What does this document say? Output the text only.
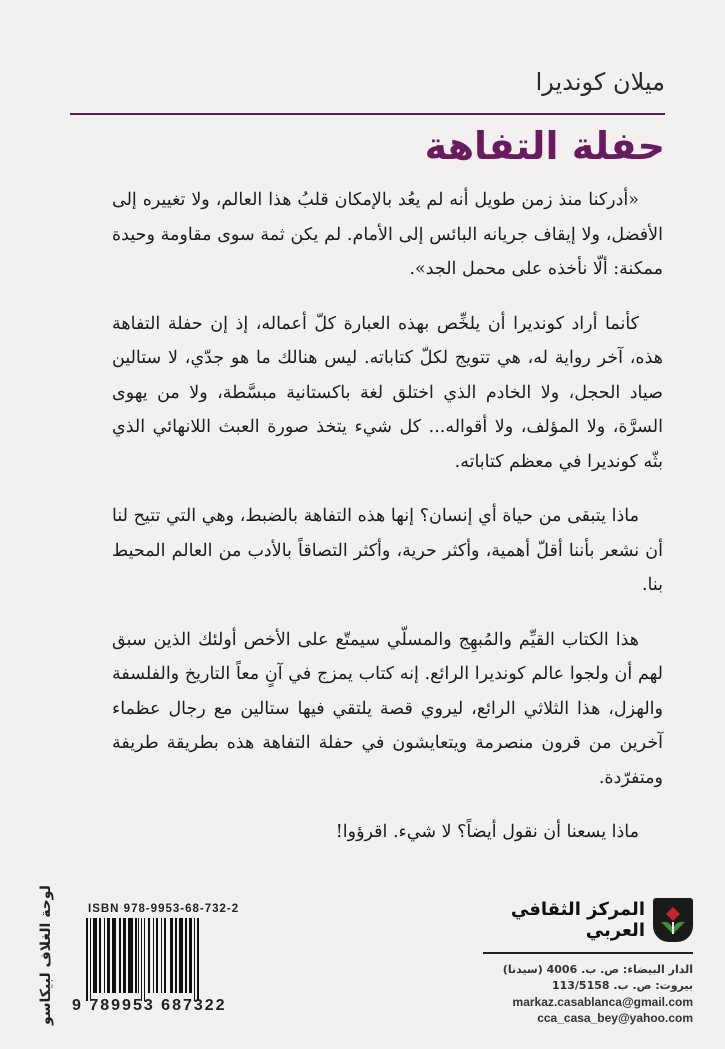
ميلان كونديرا
حفلة التفاهة

«أدركنا منذ زمن طويل أنه لم يعُد بالإمكان قلبُ هذا العالم، ولا تغييره إلى الأفضل، ولا إيقاف جريانه البائس إلى الأمام. لم يكن ثمة سوى مقاومة وحيدة ممكنة: ألّا نأخذه على محمل الجد».

كأنما أراد كونديرا أن يلخِّص بهذه العبارة كلّ أعماله، إذ إن حفلة التفاهة هذه، آخر رواية له، هي تتويج لكلّ كتاباته. ليس هنالك ما هو جدّي، لا ستالين صياد الحجل، ولا الخادم الذي اختلق لغة باكستانية مبسَّطة، ولا من يهوى السرَّة، ولا المؤلف، ولا أقواله... كل شيء يتخذ صورة العبث اللانهائي الذي بثّه كونديرا في معظم كتاباته.

ماذا يتبقى من حياة أي إنسان؟ إنها هذه التفاهة بالضبط، وهي التي تتيح لنا أن نشعر بأننا أقلّ أهمية، وأكثر حرية، وأكثر التصاقاً بالأدب من العالم المحيط بنا.

هذا الكتاب القيِّم والمُبهِج والمسلّي سيمتّع على الأخص أولئك الذين سبق لهم أن ولجوا عالم كونديرا الرائع. إنه كتاب يمزج في آنٍ معاً التاريخ والفلسفة والهزل، هذا الثلاثي الرائع، ليروي قصة يلتقي فيها ستالين مع رجال عظماء آخرين من قرون منصرمة ويتعايشون في حفلة التفاهة هذه بطريقة طريفة ومتفرّدة.

ماذا يسعنا أن نقول أيضاً؟ لا شيء. اقرؤوا!

لوحة الغلاف لبيكاسو	ISBN 978-9953-68-732-2
9 789953 687322
المركز الثقافي العربي
الدار البيضاء: ص. ب. 4006 (سيدنا)
بيروت: ص. ب. 113/5158
markaz.casablanca@gmail.com
cca_casa_bey@yahoo.com
